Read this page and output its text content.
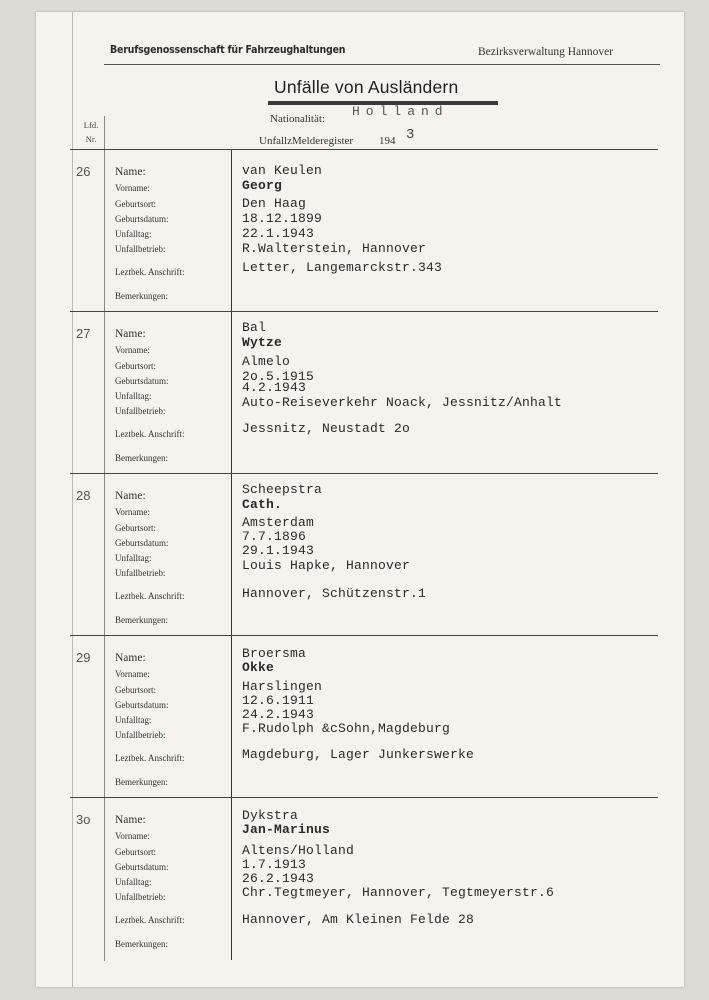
Berufsgenossenschaft für Fahrzeughaltungen	Bezirksverwaltung Hannover
Unfälle von Ausländern
Lfd.
Nr.
Nationalität: Holland
UnfallzMelderegister 194 3
26 Name:
Vorname:
Geburtsort:
Geburtsdatum:
Unfalltag:
Unfallbetrieb:
Leztbek. Anschrift:
Bemerkungen:
van Keulen
Georg
Den Haag
18.12.1899
22.1.1943
R.Walterstein, Hannover
Letter, Langemarckstr.343
27 Name:
Vorname:
Geburtsort:
Geburtsdatum:
Unfalltag:
Unfallbetrieb:
Leztbek. Anschrift:
Bemerkungen:
Bal
Wytze
Almelo
2o.5.1915
4.2.1943
Auto-Reiseverkehr Noack, Jessnitz/Anhalt
Jessnitz, Neustadt 2o
28 Name:
Vorname:
Geburtsort:
Geburtsdatum:
Unfalltag:
Unfallbetrieb:
Leztbek. Anschrift:
Bemerkungen:
Scheepstra
Cath.
Amsterdam
7.7.1896
29.1.1943
Louis Hapke, Hannover
Hannover, Schützenstr.1
29 Name:
Vorname:
Geburtsort:
Geburtsdatum:
Unfalltag:
Unfallbetrieb:
Leztbek. Anschrift:
Bemerkungen:
Broersma
Okke
Harslingen
12.6.1911
24.2.1943
F.Rudolph &cSohn,Magdeburg
Magdeburg, Lager Junkerswerke
3o Name:
Vorname:
Geburtsort:
Geburtsdatum:
Unfalltag:
Unfallbetrieb:
Leztbek. Anschrift:
Bemerkungen:
Dykstra
Jan-Marinus
Altens/Holland
1.7.1913
26.2.1943
Chr.Tegtmeyer, Hannover, Tegtmeyerstr.6
Hannover, Am Kleinen Felde 28
